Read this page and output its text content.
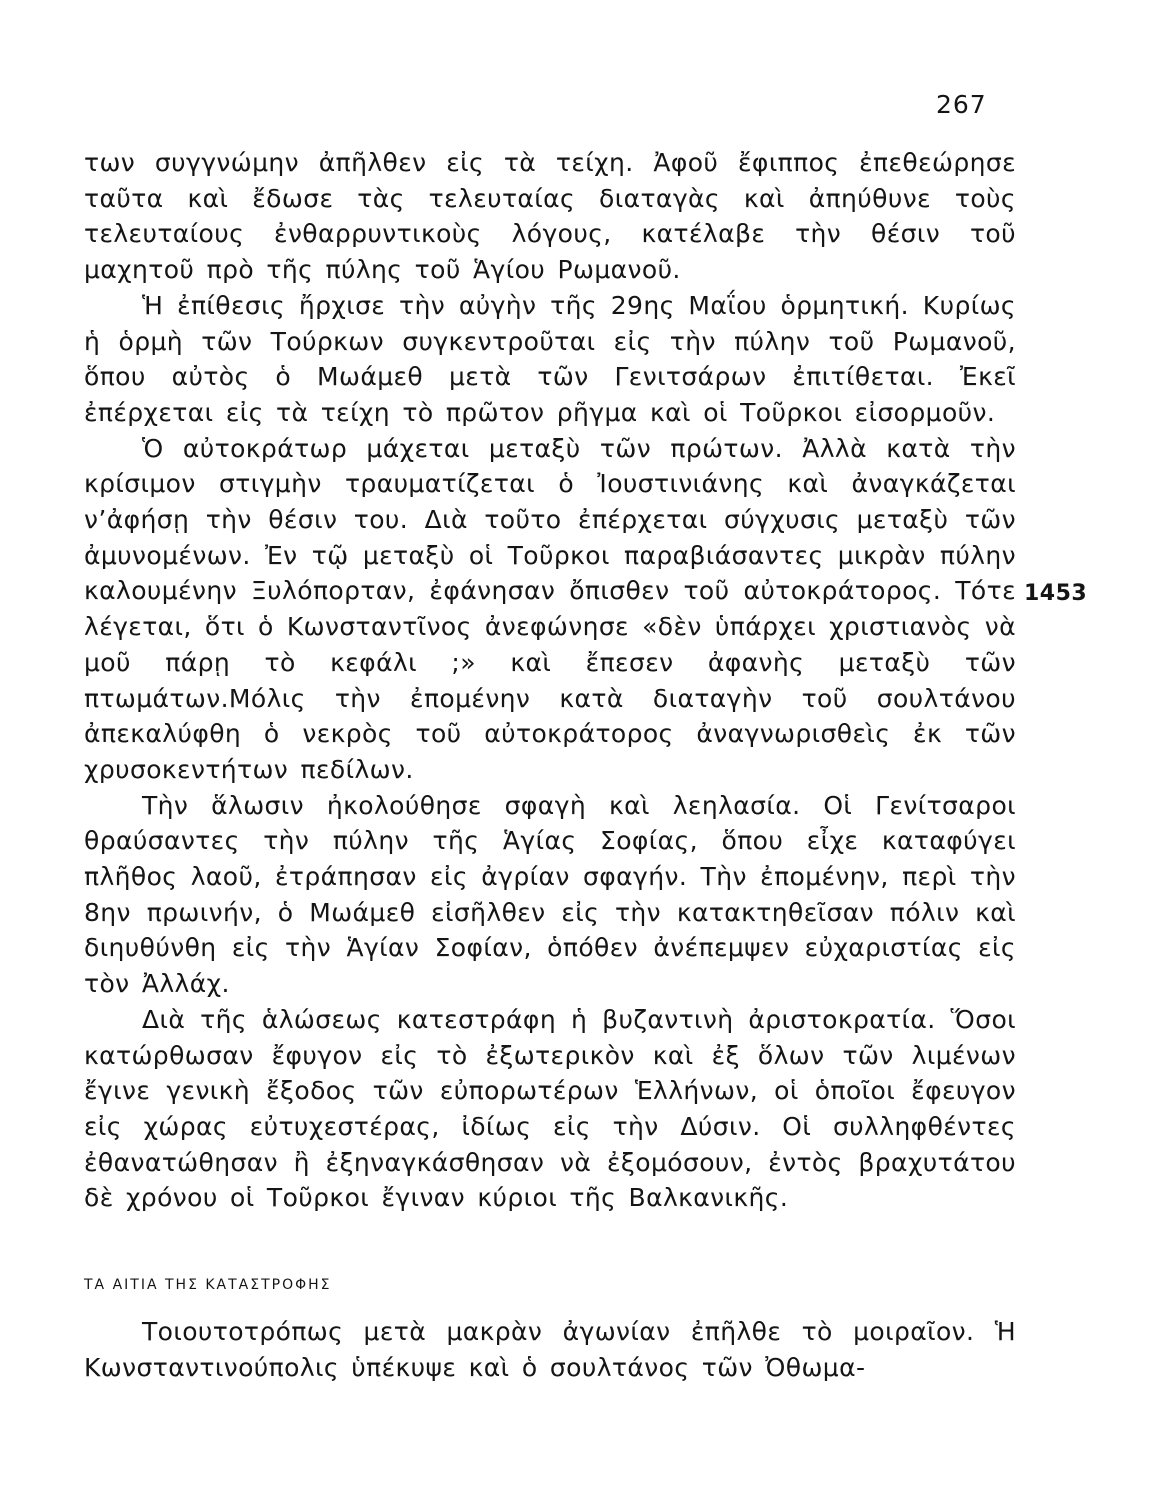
267

των συγγνώμην ἀπῆλθεν εἰς τὰ τείχη. Ἀφοῦ ἔφιππος ἐπεθεώρησε ταῦτα καὶ ἔδωσε τὰς τελευταίας διαταγὰς καὶ ἀπηύθυνε τοὺς τελευταίους ἐνθαρρυντικοὺς λόγους, κατέλαβε τὴν θέσιν τοῦ μαχητοῦ πρὸ τῆς πύλης τοῦ Ἁγίου Ρωμανοῦ.

Ἡ ἐπίθεσις ἤρχισε τὴν αὐγὴν τῆς 29ης Μαΐου ὁρμητική. Κυρίως ἡ ὁρμὴ τῶν Τούρκων συγκεντροῦται εἰς τὴν πύλην τοῦ Ρωμανοῦ, ὅπου αὐτὸς ὁ Μωάμεθ μετὰ τῶν Γενιτσάρων ἐπιτίθεται. Ἐκεῖ ἐπέρχεται εἰς τὰ τείχη τὸ πρῶτον ρῆγμα καὶ οἱ Τοῦρκοι εἰσορμοῦν.

Ὁ αὐτοκράτωρ μάχεται μεταξὺ τῶν πρώτων. Ἀλλὰ κατὰ τὴν κρίσιμον στιγμὴν τραυματίζεται ὁ Ἰουστινιάνης καὶ ἀναγκάζεται ν’ἀφήσῃ τὴν θέσιν του. Διὰ τοῦτο ἐπέρχεται σύγχυσις μεταξὺ τῶν ἀμυνομένων. Ἐν τῷ μεταξὺ οἱ Τοῦρκοι παραβιάσαντες μικρὰν πύλην καλουμένην Ξυλόπορταν, ἐφάνησαν ὄπισθεν τοῦ αὐτοκράτορος. Τότε λέγεται, ὅτι ὁ Κωνσταντῖνος ἀνεφώνησε «δὲν ὑπάρχει χριστιανὸς νὰ μοῦ πάρῃ τὸ κεφάλι ;» καὶ ἔπεσεν ἀφανὴς μεταξὺ τῶν πτωμάτων.Μόλις τὴν ἐπομένην κατὰ διαταγὴν τοῦ σουλτάνου ἀπεκαλύφθη ὁ νεκρὸς τοῦ αὐτοκράτορος ἀναγνωρισθεὶς ἐκ τῶν χρυσοκεντήτων πεδίλων.

Τὴν ἅλωσιν ἠκολούθησε σφαγὴ καὶ λεηλασία. Οἱ Γενίτσαροι θραύσαντες τὴν πύλην τῆς Ἁγίας Σοφίας, ὅπου εἶχε καταφύγει πλῆθος λαοῦ, ἐτράπησαν εἰς ἀγρίαν σφαγήν. Τὴν ἐπομένην, περὶ τὴν 8ην πρωινήν, ὁ Μωάμεθ εἰσῆλθεν εἰς τὴν κατακτηθεῖσαν πόλιν καὶ διηυθύνθη εἰς τὴν Ἁγίαν Σοφίαν, ὁπόθεν ἀνέπεμψεν εὐχαριστίας εἰς τὸν Ἀλλάχ.

Διὰ τῆς ἁλώσεως κατεστράφη ἡ βυζαντινὴ ἀριστοκρατία. Ὅσοι κατώρθωσαν ἔφυγον εἰς τὸ ἐξωτερικὸν καὶ ἐξ ὅλων τῶν λιμένων ἔγινε γενικὴ ἔξοδος τῶν εὐπορωτέρων Ἑλλήνων, οἱ ὁποῖοι ἔφευγον εἰς χώρας εὐτυχεστέρας, ἰδίως εἰς τὴν Δύσιν. Οἱ συλληφθέντες ἐθανατώθησαν ἢ ἐξηναγκάσθησαν νὰ ἐξομόσουν, ἐντὸς βραχυτάτου δὲ χρόνου οἱ Τοῦρκοι ἔγιναν κύριοι τῆς Βαλκανικῆς.

1453
ΤΑ ΑΙΤΙΑ ΤΗΣ ΚΑΤΑΣΤΡΟΦΗΣ

Τοιουτοτρόπως μετὰ μακρὰν ἀγωνίαν ἐπῆλθε τὸ μοιραῖον. Ἡ Κωνσταντινούπολις ὑπέκυψε καὶ ὁ σουλτάνος τῶν Ὀθωμα-
